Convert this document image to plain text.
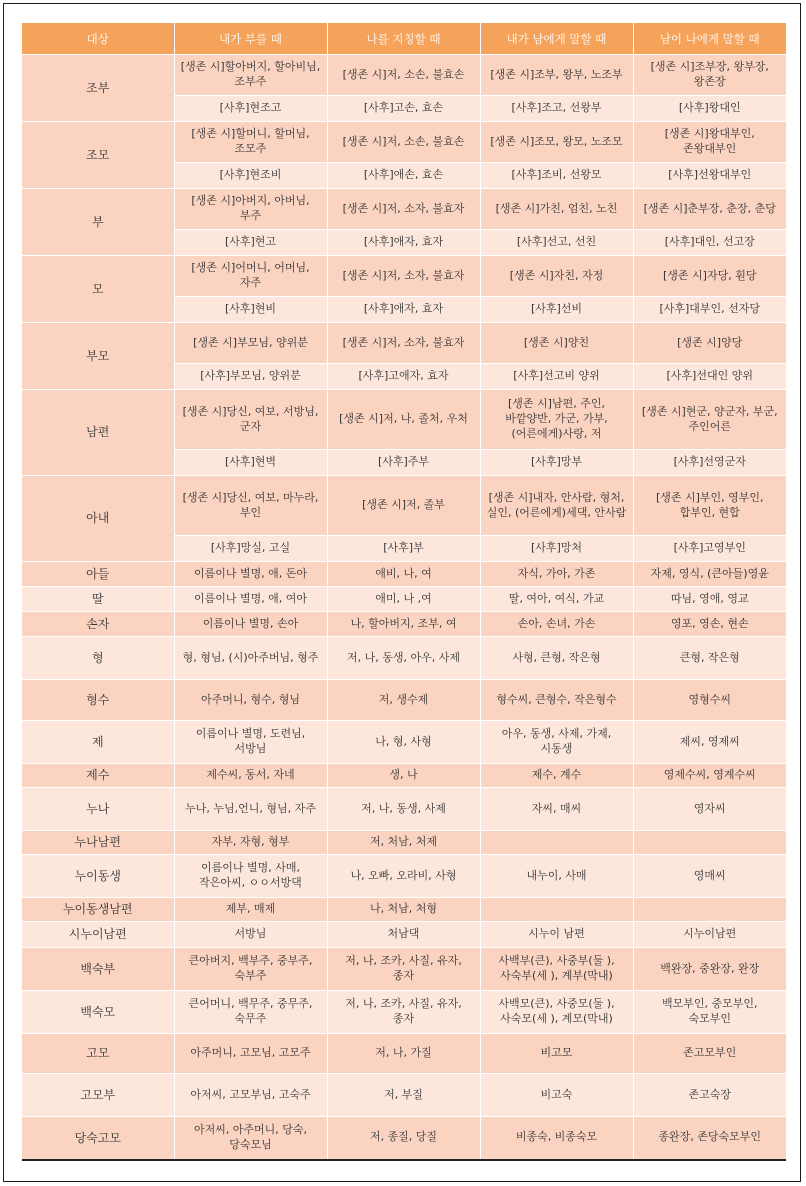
대상	내가 부를 때	나를 지칭할 때	내가 남에게 말할 때	남이 나에게 말할 때
조부	[생존 시]할아버지, 할아비님, 조부주	[생존 시]저, 소손, 불효손	[생존 시]조부, 왕부, 노조부	[생존 시]조부장, 왕부장, 왕존장
	[사후]현조고	[사후]고손, 효손	[사후]조고, 선왕부	[사후]왕대인
조모	[생존 시]할머니, 할머님, 조모주	[생존 시]저, 소손, 불효손	[생존 시]조모, 왕모, 노조모	[생존 시]왕대부인, 존왕대부인
	[사후]현조비	[사후]애손, 효손	[사후]조비, 선왕모	[사후]선왕대부인
부	[생존 시]아버지, 아버님, 부주	[생존 시]저, 소자, 불효자	[생존 시]가친, 엄친, 노친	[생존 시]춘부장, 춘장, 춘당
	[사후]현고	[사후]애자, 효자	[사후]선고, 선친	[사후]대인, 선고장
모	[생존 시]어머니, 어머님, 자주	[생존 시]저, 소자, 불효자	[생존 시]자친, 자정	[생존 시]자당, 훤당
	[사후]현비	[사후]애자, 효자	[사후]선비	[사후]대부인, 선자당
부모	[생존 시]부모님, 양위분	[생존 시]저, 소자, 불효자	[생존 시]양친	[생존 시]양당
	[사후]부모님, 양위분	[사후]고애자, 효자	[사후]선고비 양위	[사후]선대인 양위
남편	[생존 시]당신, 여보, 서방님, 군자	[생존 시]저, 나, 졸처, 우처	[생존 시]남편, 주인, 바깥양반, 가군, 가부, (어른에게)사랑, 저	[생존 시]현군, 양군자, 부군, 주인어른
	[사후]현벽	[사후]주부	[사후]망부	[사후]선영군자
아내	[생존 시]당신, 여보, 마누라, 부인	[생존 시]저, 졸부	[생존 시]내자, 안사람, 형처, 실인, (어른에게)세댁, 안사람	[생존 시]부인, 영부인, 합부인, 현합
	[사후]망실, 고실	[사후]부	[사후]망처	[사후]고영부인
아들	이름이나 별명, 애, 돈아	애비, 나, 여	자식, 가아, 가존	자제, 영식, (큰아들)영윤
딸	이름이나 별명, 애, 여아	애미, 나 ,여	딸, 여아, 여식, 가교	따님, 영애, 영교
손자	이름이나 별명, 손아	나, 할아버지, 조부, 여	손아, 손녀, 가손	영포, 영손, 현손
형	형, 형님, (시)아주버님, 형주	저, 나, 동생, 아우, 사제	사형, 큰형, 작은형	큰형, 작은형
형수	아주머니, 형수, 형님	저, 생수제	형수씨, 큰형수, 작은형수	영형수씨
제	이름이나 별명, 도련님, 서방님	나, 형, 사형	아우, 동생, 사제, 가제, 시동생	제씨, 영제씨
제수	제수씨, 동서, 자네	생, 나	제수, 계수	영제수씨, 영계수씨
누나	누나, 누님,언니, 형님, 자주	저, 나, 동생, 사제	자씨, 매씨	영자씨
누나남편	자부, 자형, 형부	저, 처남, 처제		
누이동생	이름이나 별명, 사매, 작은아씨, ㅇㅇ서방댁	나, 오빠, 오라비, 사형	내누이, 사매	영매씨
누이동생남편	제부, 매제	나, 처남, 처형		
시누이남편	서방님	처남댁	시누이 남편	시누이남편
백숙부	큰아버지, 백부주, 중부주, 숙부주	저, 나, 조카, 사질, 유자, 종자	사백부(큰), 사중부(둘 ), 사숙부(세 ), 계부(막내)	백완장, 중완장, 완장
백숙모	큰어머니, 백무주, 중무주, 숙무주	저, 나, 조카, 사질, 유자, 종자	사백모(큰), 사중모(둘 ), 사숙모(세 ), 계모(막내)	백모부인, 중모부인, 숙모부인
고모	아주머니, 고모님, 고모주	저, 나, 가질	비고모	존고모부인
고모부	아저씨, 고모부님, 고숙주	저, 부질	비고숙	존고숙장
당숙고모	아저씨, 아주머니, 당숙, 당숙모님	저, 종질, 당질	비종숙, 비종숙모	종완장, 존당숙모부인
